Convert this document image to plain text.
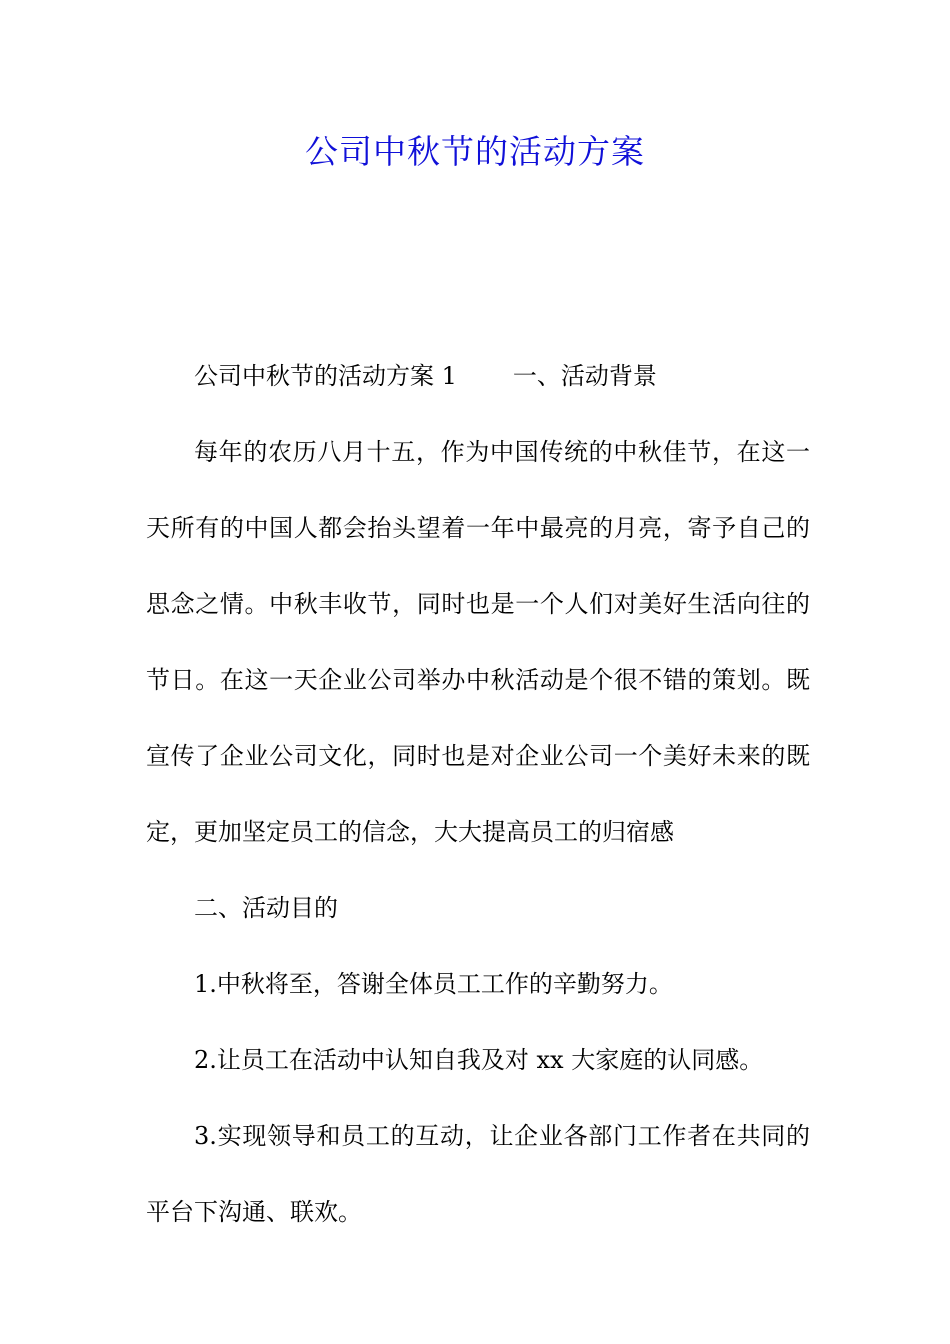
公司中秋节的活动方案

公司中秋节的活动方案 1 一、活动背景

每年的农历八月十五，作为中国传统的中秋佳节，在这一天所有的中国人都会抬头望着一年中最亮的月亮，寄予自己的思念之情。中秋丰收节，同时也是一个人们对美好生活向往的节日。在这一天企业公司举办中秋活动是个很不错的策划。既宣传了企业公司文化，同时也是对企业公司一个美好未来的既定，更加坚定员工的信念，大大提高员工的归宿感

二、活动目的

1.中秋将至，答谢全体员工工作的辛勤努力。

2.让员工在活动中认知自我及对 xx 大家庭的认同感。

3.实现领导和员工的互动，让企业各部门工作者在共同的平台下沟通、联欢。
